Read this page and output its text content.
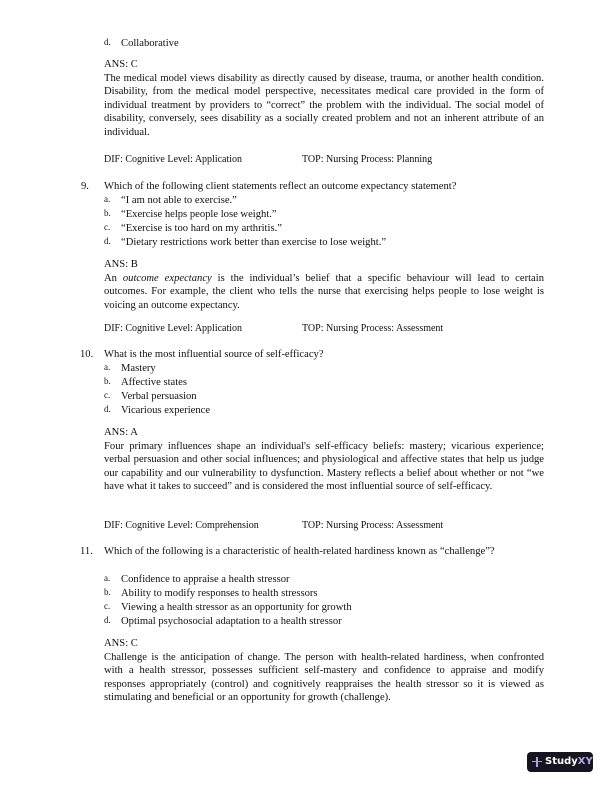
d. Collaborative

ANS: C

The medical model views disability as directly caused by disease, trauma, or another health condition. Disability, from the medical model perspective, necessitates medical care provided in the form of individual treatment by providers to “correct” the problem with the individual. The social model of disability, conversely, sees disability as a socially created problem and not an inherent attribute of an individual.

DIF: Cognitive Level: Application	TOP: Nursing Process: Planning
9. Which of the following client statements reflect an outcome expectancy statement?
a. “I am not able to exercise.”
b. “Exercise helps people lose weight.”
c. “Exercise is too hard on my arthritis.”
d. “Dietary restrictions work better than exercise to lose weight.”

ANS: B

An outcome expectancy is the individual’s belief that a specific behaviour will lead to certain outcomes. For example, the client who tells the nurse that exercising helps people to lose weight is voicing an outcome expectancy.

DIF: Cognitive Level: Application	TOP: Nursing Process: Assessment
10. What is the most influential source of self-efficacy?
a. Mastery
b. Affective states
c. Verbal persuasion
d. Vicarious experience

ANS: A

Four primary influences shape an individual's self-efficacy beliefs: mastery; vicarious experience; verbal persuasion and other social influences; and physiological and affective states that help us judge our capability and our vulnerability to dysfunction. Mastery reflects a belief about whether or not “we have what it takes to succeed” and is considered the most influential source of self-efficacy.

DIF: Cognitive Level: Comprehension	TOP: Nursing Process: Assessment
11. Which of the following is a characteristic of health-related hardiness known as “challenge”?
a. Confidence to appraise a health stressor
b. Ability to modify responses to health stressors
c. Viewing a health stressor as an opportunity for growth
d. Optimal psychosocial adaptation to a health stressor

ANS: C

Challenge is the anticipation of change. The person with health-related hardiness, when confronted with a health stressor, possesses sufficient self-mastery and confidence to appraise and modify responses appropriately (control) and cognitively reappraises the health stressor so it is viewed as stimulating and beneficial or an opportunity for growth (challenge).

StudyXY
